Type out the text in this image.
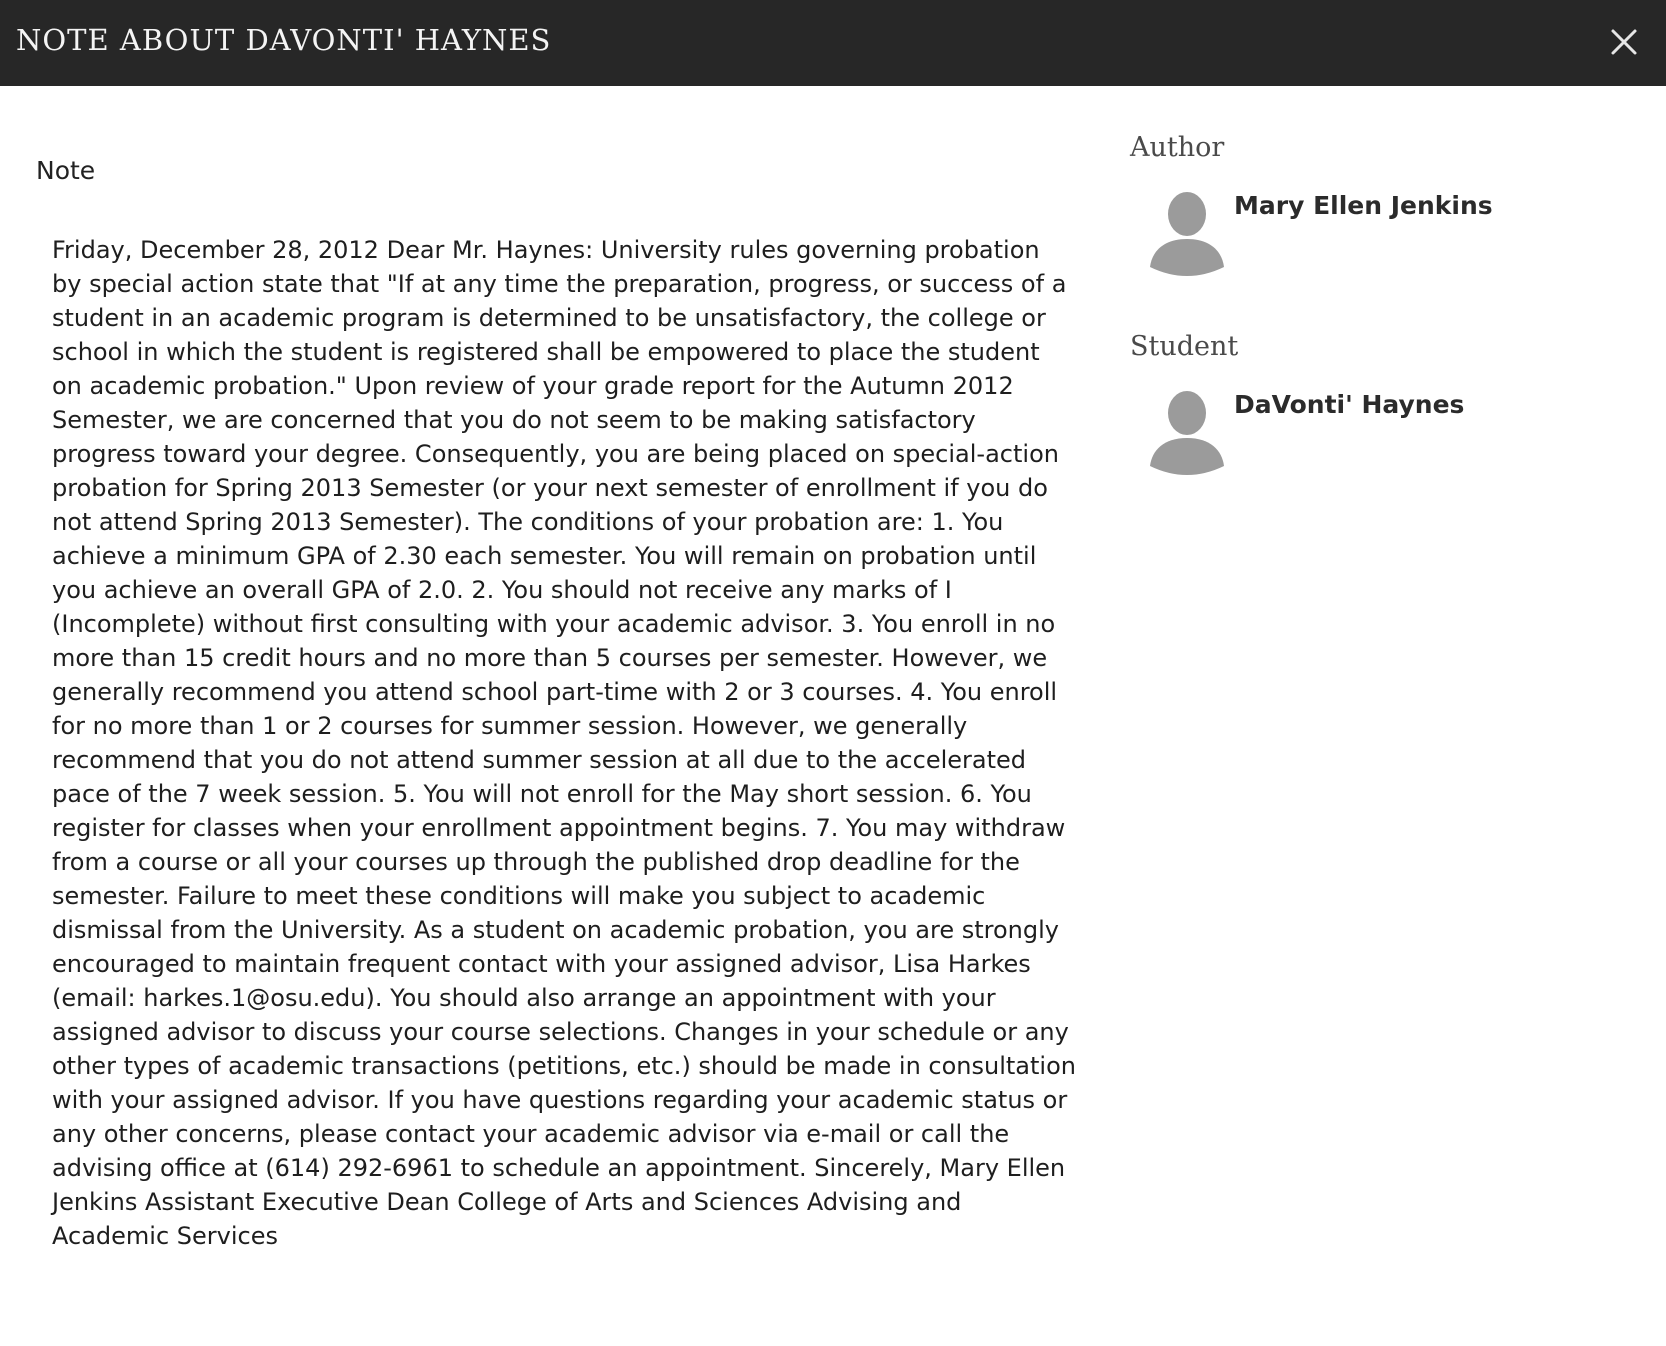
NOTE ABOUT DAVONTI' HAYNES
Note
Friday, December 28, 2012 Dear Mr. Haynes: University rules governing probation by special action state that "If at any time the preparation, progress, or success of a student in an academic program is determined to be unsatisfactory, the college or school in which the student is registered shall be empowered to place the student on academic probation." Upon review of your grade report for the Autumn 2012 Semester, we are concerned that you do not seem to be making satisfactory progress toward your degree. Consequently, you are being placed on special-action probation for Spring 2013 Semester (or your next semester of enrollment if you do not attend Spring 2013 Semester). The conditions of your probation are: 1. You achieve a minimum GPA of 2.30 each semester. You will remain on probation until you achieve an overall GPA of 2.0. 2. You should not receive any marks of I (Incomplete) without first consulting with your academic advisor. 3. You enroll in no more than 15 credit hours and no more than 5 courses per semester. However, we generally recommend you attend school part-time with 2 or 3 courses. 4. You enroll for no more than 1 or 2 courses for summer session. However, we generally recommend that you do not attend summer session at all due to the accelerated pace of the 7 week session. 5. You will not enroll for the May short session. 6. You register for classes when your enrollment appointment begins. 7. You may withdraw from a course or all your courses up through the published drop deadline for the semester. Failure to meet these conditions will make you subject to academic dismissal from the University. As a student on academic probation, you are strongly encouraged to maintain frequent contact with your assigned advisor, Lisa Harkes (email: harkes.1@osu.edu). You should also arrange an appointment with your assigned advisor to discuss your course selections. Changes in your schedule or any other types of academic transactions (petitions, etc.) should be made in consultation with your assigned advisor. If you have questions regarding your academic status or any other concerns, please contact your academic advisor via e-mail or call the advising office at (614) 292-6961 to schedule an appointment. Sincerely, Mary Ellen Jenkins Assistant Executive Dean College of Arts and Sciences Advising and Academic Services
Author
Mary Ellen Jenkins
Student
DaVonti' Haynes
